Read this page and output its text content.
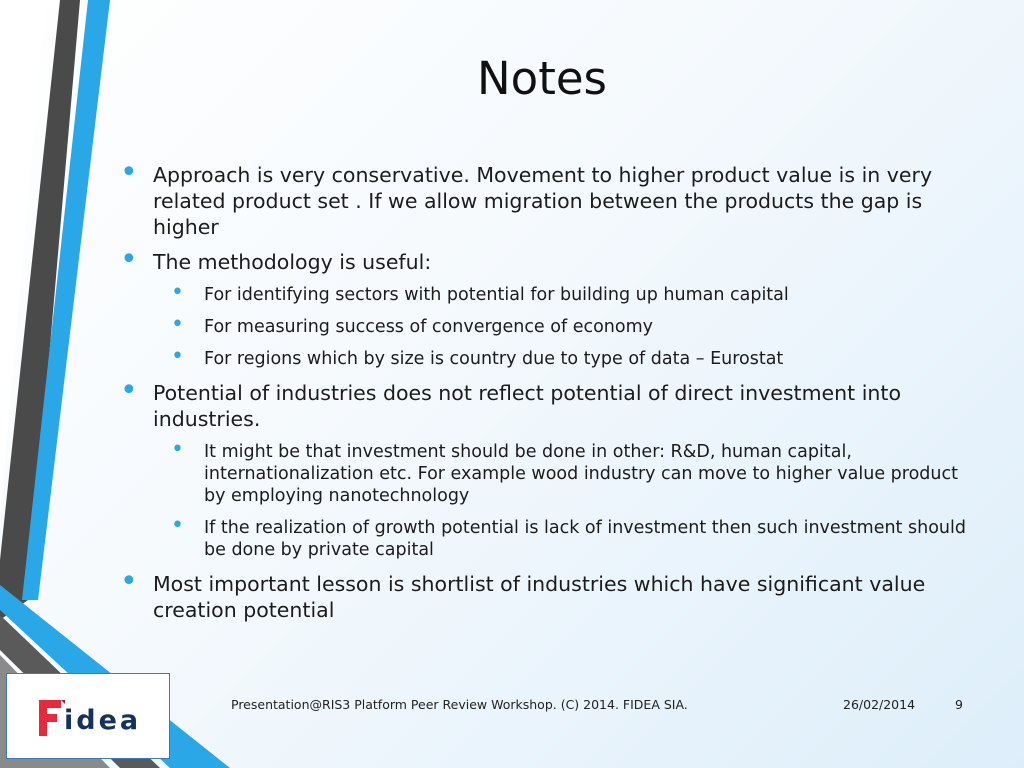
Notes
• Approach is very conservative. Movement to higher product value is in very related product set . If we allow migration between the products the gap is higher
• The methodology is useful:
• For identifying sectors with potential for building up human capital
• For measuring success of convergence of economy
• For regions which by size is country due to type of data – Eurostat
• Potential of industries does not reflect potential of direct investment into industries.
• It might be that investment should be done in other: R&D, human capital, internationalization etc. For example wood industry can move to higher value product by employing nanotechnology
• If the realization of growth potential is lack of investment then such investment should be done by private capital
• Most important lesson is shortlist of industries which have significant value creation potential
idea
Presentation@RIS3 Platform Peer Review Workshop. (C) 2014. FIDEA SIA.	26/02/2014	9
